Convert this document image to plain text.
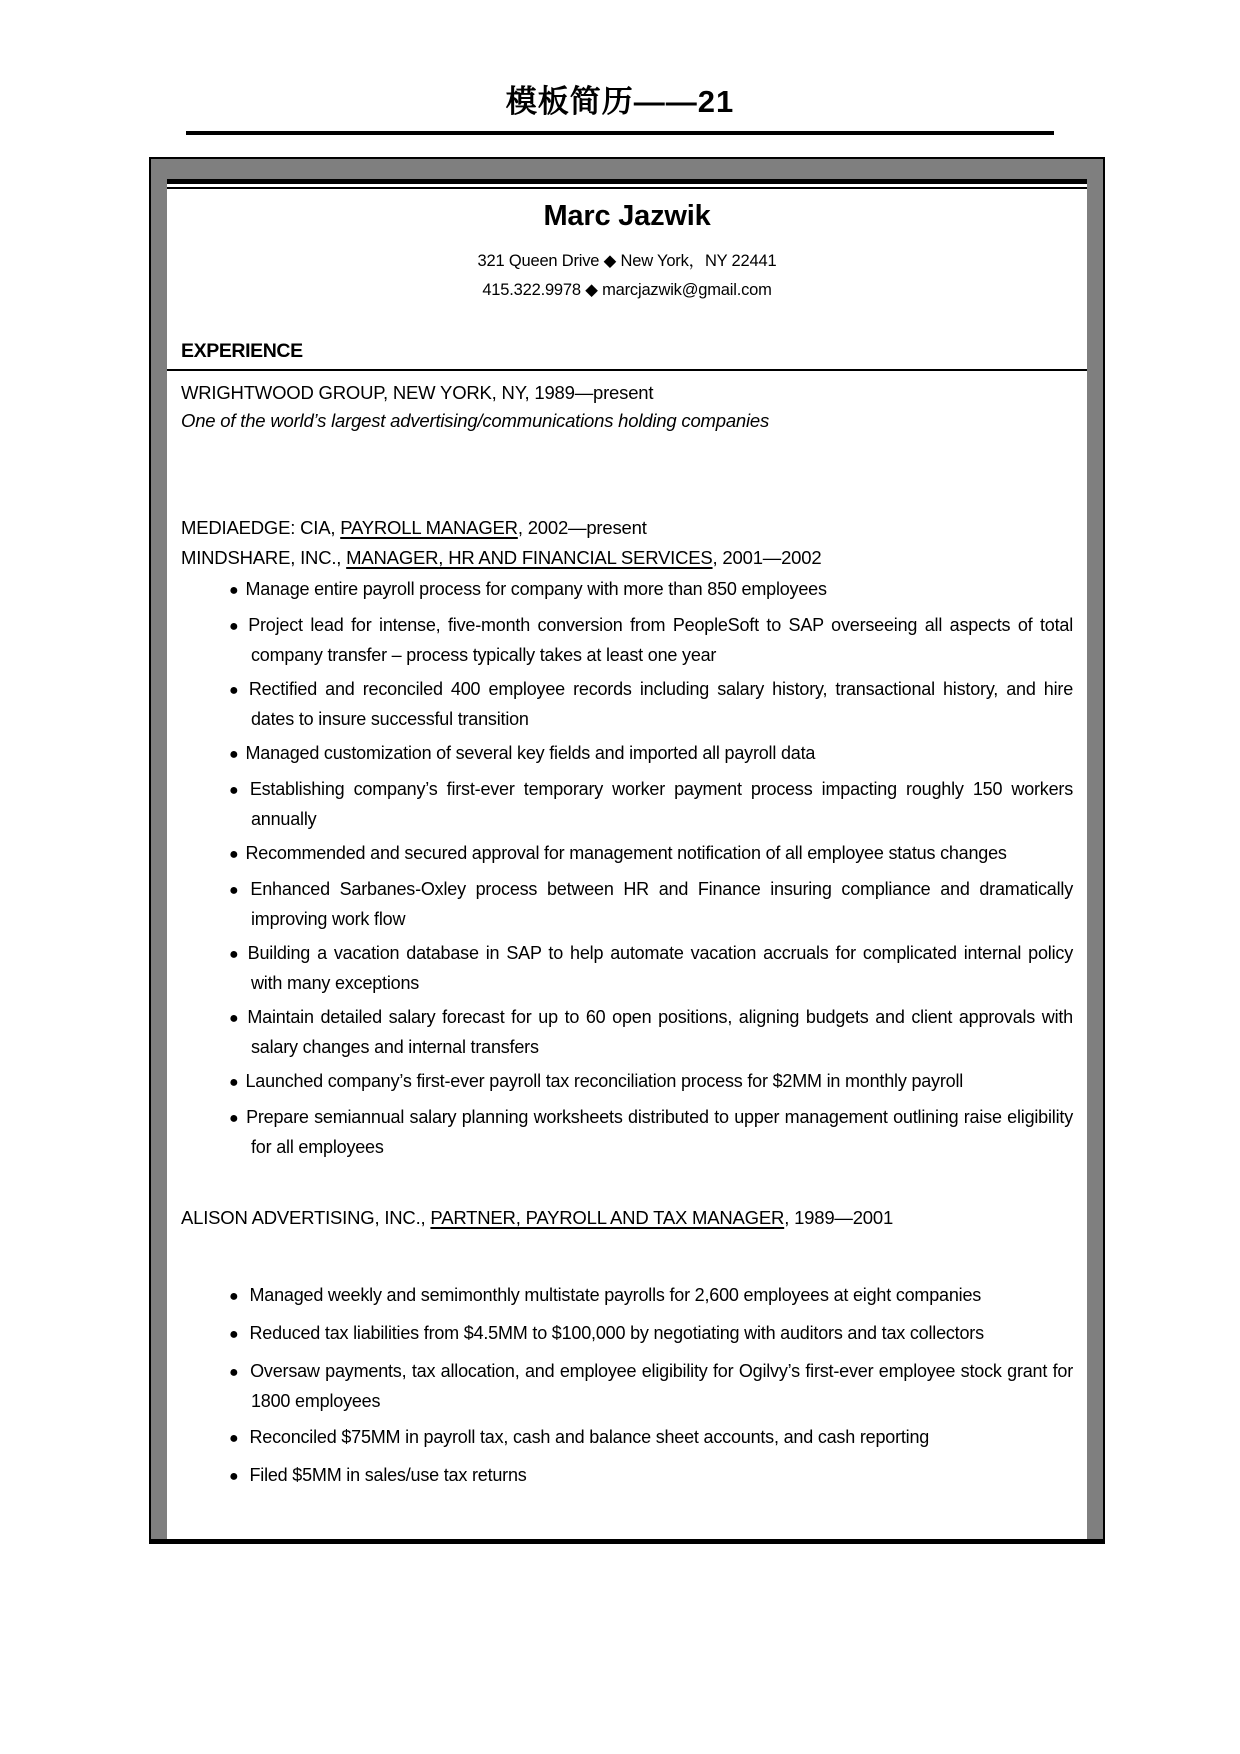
模板简历——21
Marc Jazwik
321 Queen Drive ◆ New York，NY 22441
415.322.9978 ◆ marcjazwik@gmail.com
EXPERIENCE

WRIGHTWOOD GROUP, NEW YORK, NY, 1989—present

One of the world’s largest advertising/communications holding companies

MEDIAEDGE: CIA, PAYROLL MANAGER, 2002—present

MINDSHARE, INC., MANAGER, HR AND FINANCIAL SERVICES, 2001—2002

● Manage entire payroll process for company with more than 850 employees

● Project lead for intense, five-month conversion from PeopleSoft to SAP overseeing all aspects of total company transfer – process typically takes at least one year

● Rectified and reconciled 400 employee records including salary history, transactional history, and hire dates to insure successful transition

● Managed customization of several key fields and imported all payroll data

● Establishing company’s first-ever temporary worker payment process impacting roughly 150 workers annually

● Recommended and secured approval for management notification of all employee status changes

● Enhanced Sarbanes-Oxley process between HR and Finance insuring compliance and dramatically improving work flow

● Building a vacation database in SAP to help automate vacation accruals for complicated internal policy with many exceptions

● Maintain detailed salary forecast for up to 60 open positions, aligning budgets and client approvals with salary changes and internal transfers

● Launched company’s first-ever payroll tax reconciliation process for $2MM in monthly payroll

● Prepare semiannual salary planning worksheets distributed to upper management outlining raise eligibility for all employees

ALISON ADVERTISING, INC., PARTNER, PAYROLL AND TAX MANAGER, 1989—2001

● Managed weekly and semimonthly multistate payrolls for 2,600 employees at eight companies

● Reduced tax liabilities from $4.5MM to $100,000 by negotiating with auditors and tax collectors

● Oversaw payments, tax allocation, and employee eligibility for Ogilvy’s first-ever employee stock grant for 1800 employees

● Reconciled $75MM in payroll tax, cash and balance sheet accounts, and cash reporting

● Filed $5MM in sales/use tax returns
